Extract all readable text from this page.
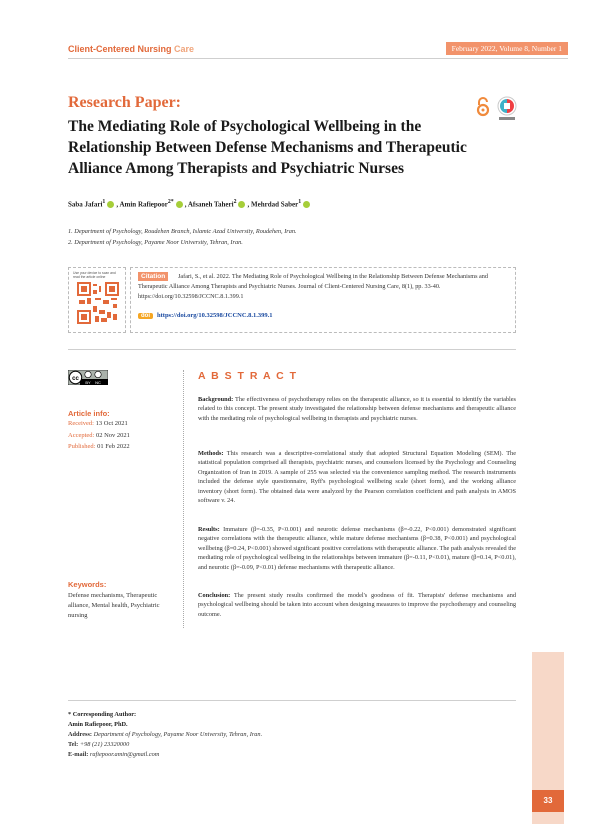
Client-Centered Nursing Care	February 2022, Volume 8, Number 1
Research Paper:
The Mediating Role of Psychological Wellbeing in the Relationship Between Defense Mechanisms and Therapeutic Alliance Among Therapists and Psychiatric Nurses
Saba Jafari$^1$ , Amin Rafiepoor$^{2*}$ , Afsaneh Taheri$^2$ , Mehrdad Saber$^1$
1. Department of Psychology, Roudehen Branch, Islamic Azad University, Roudehen, Iran.
2. Department of Psychology, Payame Noor University, Tehran, Iran.
Use your device to scan and read the article online	Jafari, S., et al. 2022. The Mediating Role of Psychological Wellbeing in the Relationship Between Defense Mechanisms and Therapeutic Alliance Among Therapists and Psychiatric Nurses. Journal of Client-Centered Nursing Care, 8(1), pp. 33-40. https://doi.org/10.32598/JCCNC.8.1.399.1
Citation
doi https://doi.org/10.32598/JCCNC.8.1.399.1
cc
BY NC
Article info:
Received: 13 Oct 2021
Accepted: 02 Nov 2021
Published: 01 Feb 2022
Keywords:
Defense mechanisms, Therapeutic alliance, Mental health, Psychiatric nursing
A B S T R A C T
Background: The effectiveness of psychotherapy relies on the therapeutic alliance, so it is essential to identify the variables related to this concept. The present study investigated the relationship between defense mechanisms and therapeutic alliance with the mediating role of psychological wellbeing in therapists and psychiatric nurses.
Methods: This research was a descriptive-correlational study that adopted Structural Equation Modeling (SEM). The statistical population comprised all therapists, psychiatric nurses, and counselors licensed by the Psychology and Counseling Organization of Iran in 2019. A sample of 255 was selected via the convenience sampling method. The research instruments included the defense style questionnaire, Ryff's psychological wellbeing scale (short form), and the working alliance inventory (short form). The obtained data were analyzed by the Pearson correlation coefficient and path analysis in AMOS software v. 24.
Results: Immature (β=-0.35, P<0.001) and neurotic defense mechanisms (β=-0.22, P<0.001) demonstrated significant negative correlations with the therapeutic alliance, while mature defense mechanisms (β=0.38, P<0.001) and psychological wellbeing (β=0.24, P<0.001) showed significant positive correlations with therapeutic alliance. The path analysis revealed the mediating role of psychological wellbeing in the relationships between immature (β=-0.11, P<0.01), mature (β=0.14, P<0.01), and neurotic (β=-0.09, P<0.01) defense mechanisms with therapeutic alliance.
Conclusion: The present study results confirmed the model's goodness of fit. Therapists' defense mechanisms and psychological wellbeing should be taken into account when designing measures to improve the psychotherapy and counseling outcome.
* Corresponding Author:
Amin Rafiepoor, PhD.
Address: Department of Psychology, Payame Noor University, Tehran, Iran.
Tel: +98 (21) 23320000
E-mail: rafiepoor.amin@gmail.com
33
